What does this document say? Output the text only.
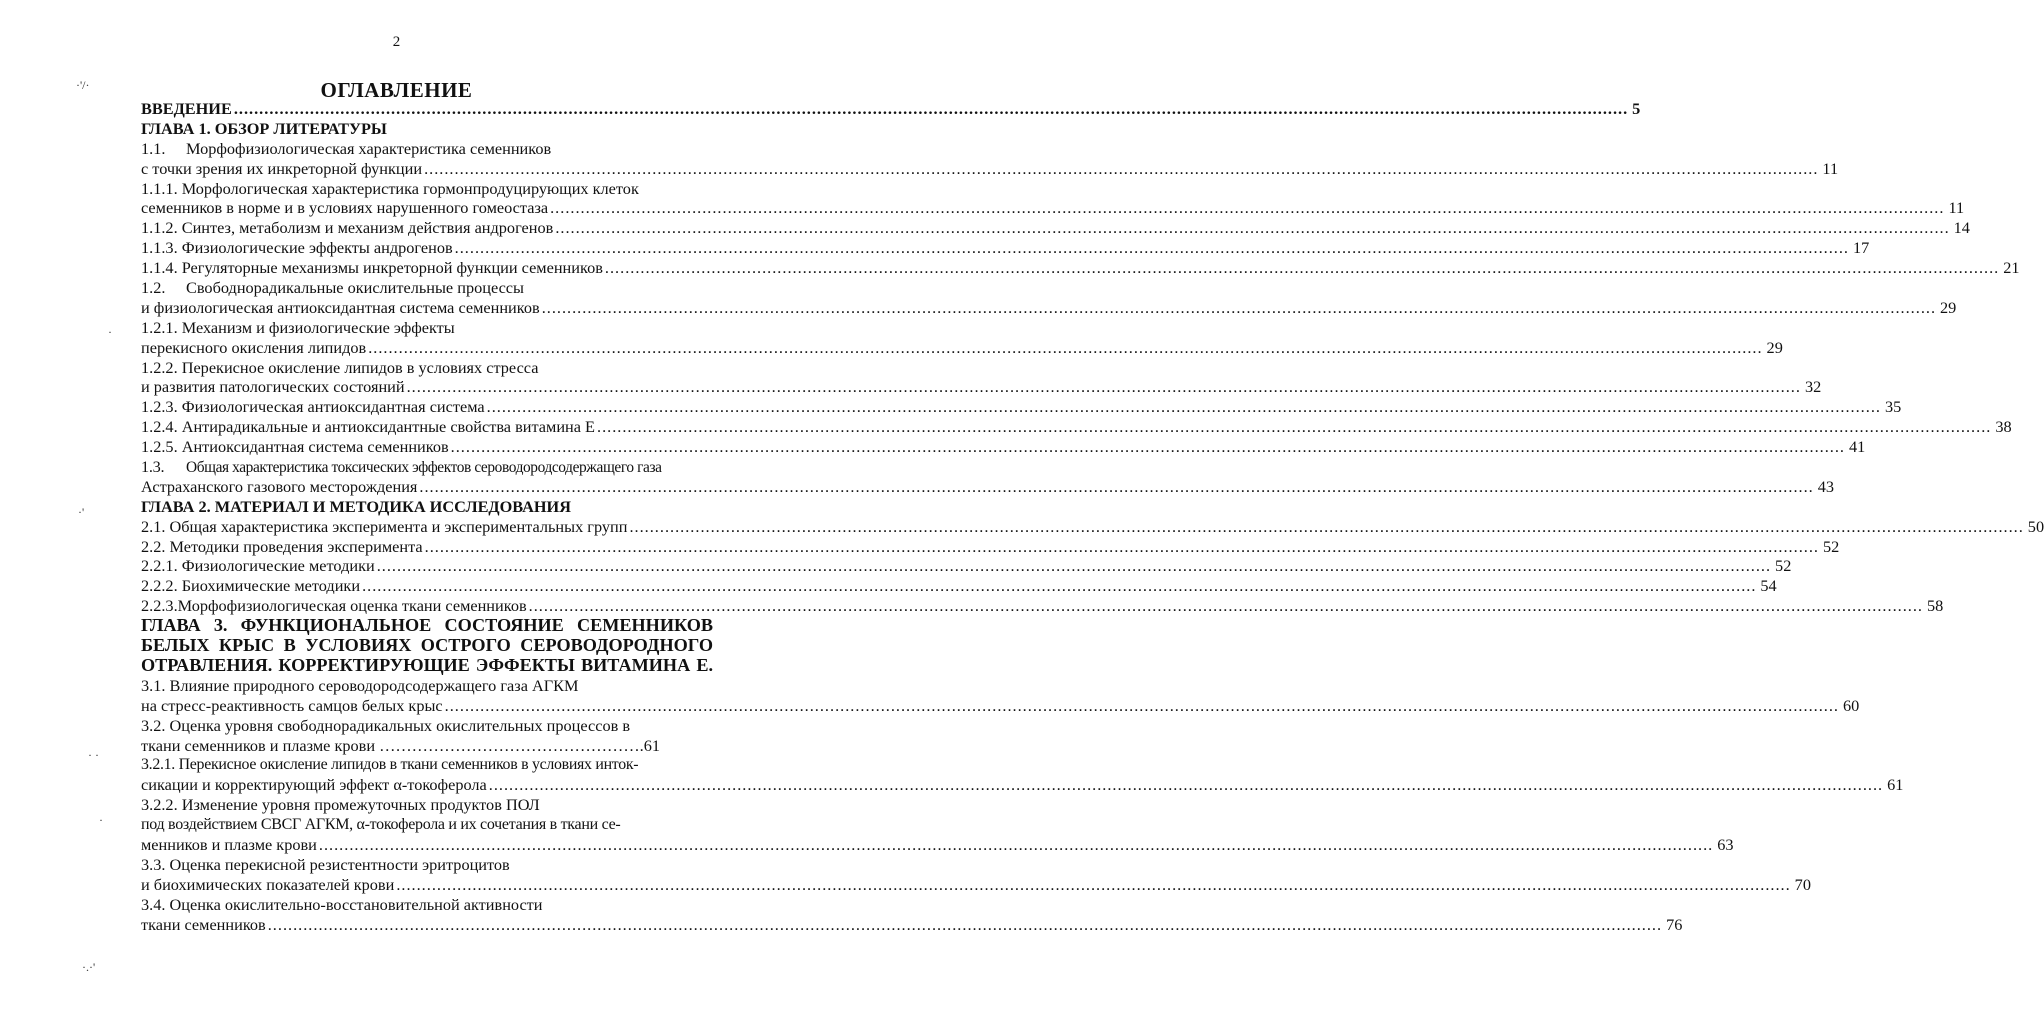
2
ОГЛАВЛЕНИЕ
·'/·
·
·'
· ·
·
·.·'
ВВЕДЕНИЕ .....	5
ГЛАВА 1. ОБЗОР ЛИТЕРАТУРЫ
1.1. Морфофизиологическая характеристика семенников
с точки зрения их инкреторной функции .....	11
1.1.1. Морфологическая характеристика гормонпродуцирующих клеток
семенников в норме и в условиях нарушенного гомеостаза .....	11
1.1.2. Синтез, метаболизм и механизм действия андрогенов .....	14
1.1.3. Физиологические эффекты андрогенов .....	17
1.1.4. Регуляторные механизмы инкреторной функции семенников .....	21
1.2. Свободнорадикальные окислительные процессы
и физиологическая антиоксидантная система семенников .....	29
1.2.1. Механизм и физиологические эффекты
перекисного окисления липидов .....	29
1.2.2. Перекисное окисление липидов в условиях стресса
и развития патологических состояний .....	32
1.2.3. Физиологическая антиоксидантная система .....	35
1.2.4. Антирадикальные и антиоксидантные свойства витамина Е .....	38
1.2.5. Антиоксидантная система семенников .....	41
1.3. Общая характеристика токсических эффектов сероводородсодержащего газа
Астраханского газового месторождения .....	43
ГЛАВА 2. МАТЕРИАЛ И МЕТОДИКА ИССЛЕДОВАНИЯ
2.1. Общая характеристика эксперимента и экспериментальных групп .....	50
2.2. Методики проведения эксперимента .....	52
2.2.1. Физиологические методики .....	52
2.2.2. Биохимические методики .....	54
2.2.3.Морфофизиологическая оценка ткани семенников .....	58
ГЛАВА 3. ФУНКЦИОНАЛЬНОЕ СОСТОЯНИЕ СЕМЕННИКОВ
БЕЛЫХ КРЫС В УСЛОВИЯХ ОСТРОГО СЕРОВОДОРОДНОГО
ОТРАВЛЕНИЯ. КОРРЕКТИРУЮЩИЕ ЭФФЕКТЫ ВИТАМИНА Е.
3.1. Влияние природного сероводородсодержащего газа АГКМ
на стресс-реактивность самцов белых крыс .....	60
3.2. Оценка уровня свободнорадикальных окислительных процессов в
ткани семенников и плазме крови ………………………………………….61
3.2.1. Перекисное окисление липидов в ткани семенников в условиях инток-
сикации и корректирующий эффект α-токоферола .....	61
3.2.2. Изменение уровня промежуточных продуктов ПОЛ
под воздействием СВСГ АГКМ, α-токоферола и их сочетания в ткани се-
менников и плазме крови .....	63
3.3. Оценка перекисной резистентности эритроцитов
и биохимических показателей крови .....	70
3.4. Оценка окислительно-восстановительной активности
ткани семенников .....	76
